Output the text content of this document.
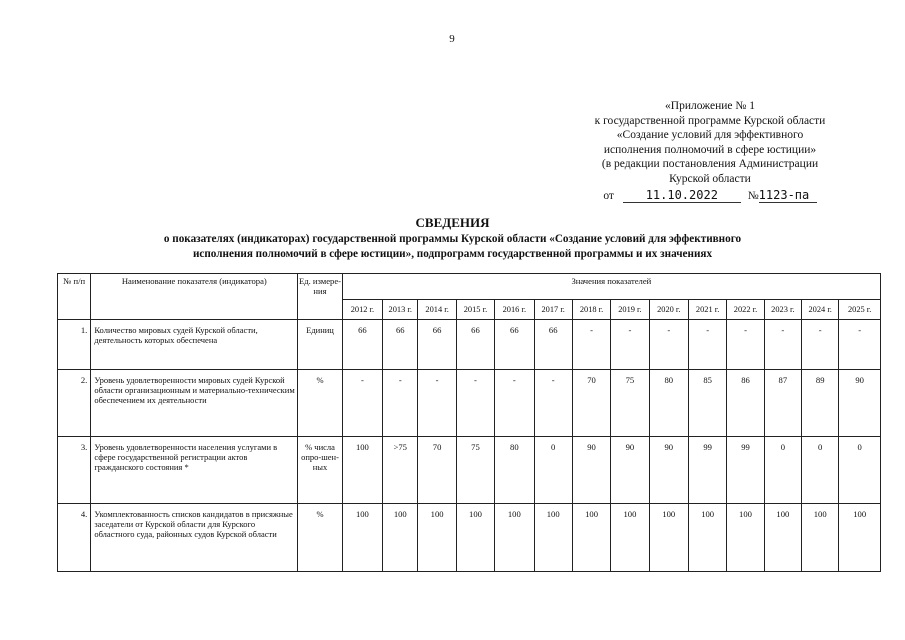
9
«Приложение № 1
к государственной программе Курской области
«Создание условий для эффективного
исполнения полномочий в сфере юстиции»
(в редакции постановления Администрации
Курской области
от	11.10.2022	№1123-па
СВЕДЕНИЯ
о показателях (индикаторах) государственной программы Курской области «Создание условий для эффективного
исполнения полномочий в сфере юстиции», подпрограмм государственной программы и их значениях
№ п/п	Наименование показателя (индикатора)	Ед. измере-ния	Значения показателей													
			2012 г.	2013 г.	2014 г.	2015 г.	2016 г.	2017 г.	2018 г.	2019 г.	2020 г.	2021 г.	2022 г.	2023 г.	2024 г.	2025 г.
1.	Количество мировых судей Курской области, деятельность которых обеспечена	Единиц	66	66	66	66	66	66	-	-	-	-	-	-	-	-
2.	Уровень удовлетворенности мировых судей Курской области организационным и материально-техническим обеспечением их деятельности	%	-	-	-	-	-	-	70	75	80	85	86	87	89	90
3.	Уровень удовлетворенности населения услугами в сфере государственной регистрации актов гражданского состояния *	% числа опро-шен-ных	100	>75	70	75	80	0	90	90	90	99	99	0	0	0
4.	Укомплектованность списков кандидатов в присяжные заседатели от Курской области для Курского областного суда, районных судов Курской области	%	100	100	100	100	100	100	100	100	100	100	100	100	100	100
